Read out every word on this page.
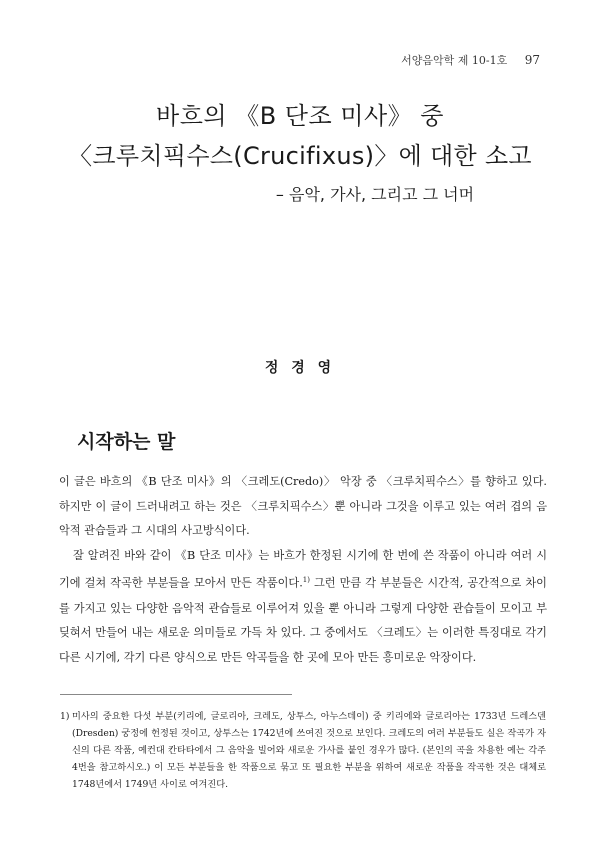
서양음악학 제 10-1호 97
바흐의 《B 단조 미사》 중
〈크루치픽수스(Crucifixus)〉에 대한 소고
– 음악, 가사, 그리고 그 너머
정 경 영
시작하는 말

이 글은 바흐의 《B 단조 미사》의 〈크레도(Credo)〉 악장 중 〈크루치픽수스〉를 향하고 있다. 하지만 이 글이 드러내려고 하는 것은 〈크루치픽수스〉뿐 아니라 그것을 이루고 있는 여러 겹의 음악적 관습들과 그 시대의 사고방식이다.

잘 알려진 바와 같이 《B 단조 미사》는 바흐가 한정된 시기에 한 번에 쓴 작품이 아니라 여러 시기에 걸쳐 작곡한 부분들을 모아서 만든 작품이다.$^{1)}$ 그런 만큼 각 부분들은 시간적, 공간적으로 차이를 가지고 있는 다양한 음악적 관습들로 이루어져 있을 뿐 아니라 그렇게 다양한 관습들이 모이고 부딪혀서 만들어 내는 새로운 의미들로 가득 차 있다. 그 중에서도 〈크레도〉는 이러한 특징대로 각기 다른 시기에, 각기 다른 양식으로 만든 악곡들을 한 곳에 모아 만든 흥미로운 악장이다.

1) 미사의 중요한 다섯 부분(키리에, 글로리아, 크레도, 상투스, 아누스데이) 중 키리에와 글로리아는 1733년 드레스덴(Dresden) 궁정에 헌정된 것이고, 상투스는 1742년에 쓰여진 것으로 보인다. 크레도의 여러 부분들도 실은 작곡가 자신의 다른 작품, 예컨대 칸타타에서 그 음악을 빌어와 새로운 가사를 붙인 경우가 많다. (본인의 곡을 차용한 예는 각주 4번을 참고하시오.) 이 모든 부분들을 한 작품으로 묶고 또 필요한 부분을 위하여 새로운 작품을 작곡한 것은 대체로 1748년에서 1749년 사이로 여겨진다.
